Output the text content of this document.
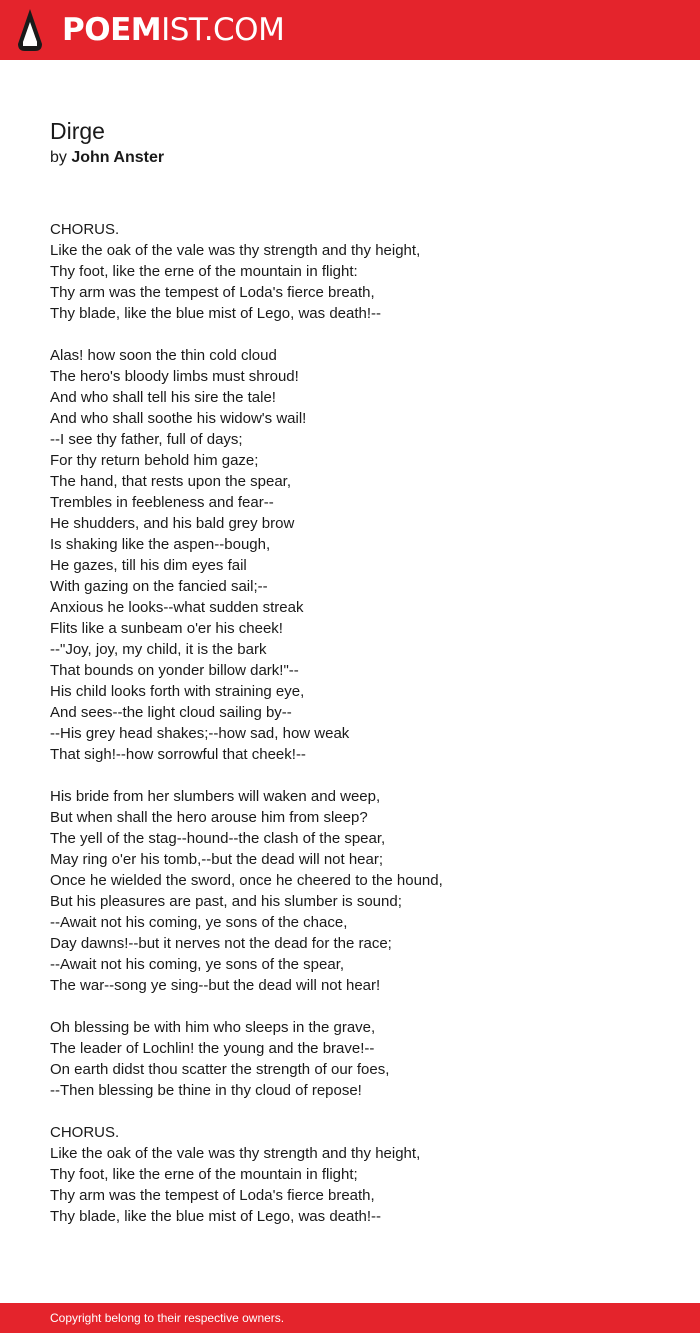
POEMIST.COM
Dirge
by John Anster
CHORUS.
Like the oak of the vale was thy strength and thy height,
Thy foot, like the erne of the mountain in flight:
Thy arm was the tempest of Loda's fierce breath,
Thy blade, like the blue mist of Lego, was death!--
Alas! how soon the thin cold cloud
The hero's bloody limbs must shroud!
And who shall tell his sire the tale!
And who shall soothe his widow's wail!
--I see thy father, full of days;
For thy return behold him gaze;
The hand, that rests upon the spear,
Trembles in feebleness and fear--
He shudders, and his bald grey brow
Is shaking like the aspen--bough,
He gazes, till his dim eyes fail
With gazing on the fancied sail;--
Anxious he looks--what sudden streak
Flits like a sunbeam o'er his cheek!
--"Joy, joy, my child, it is the bark
That bounds on yonder billow dark!"--
His child looks forth with straining eye,
And sees--the light cloud sailing by--
--His grey head shakes;--how sad, how weak
That sigh!--how sorrowful that cheek!--
His bride from her slumbers will waken and weep,
But when shall the hero arouse him from sleep?
The yell of the stag--hound--the clash of the spear,
May ring o'er his tomb,--but the dead will not hear;
Once he wielded the sword, once he cheered to the hound,
But his pleasures are past, and his slumber is sound;
--Await not his coming, ye sons of the chace,
Day dawns!--but it nerves not the dead for the race;
--Await not his coming, ye sons of the spear,
The war--song ye sing--but the dead will not hear!
Oh blessing be with him who sleeps in the grave,
The leader of Lochlin! the young and the brave!--
On earth didst thou scatter the strength of our foes,
--Then blessing be thine in thy cloud of repose!
CHORUS.
Like the oak of the vale was thy strength and thy height,
Thy foot, like the erne of the mountain in flight;
Thy arm was the tempest of Loda's fierce breath,
Thy blade, like the blue mist of Lego, was death!--
Copyright belong to their respective owners.
